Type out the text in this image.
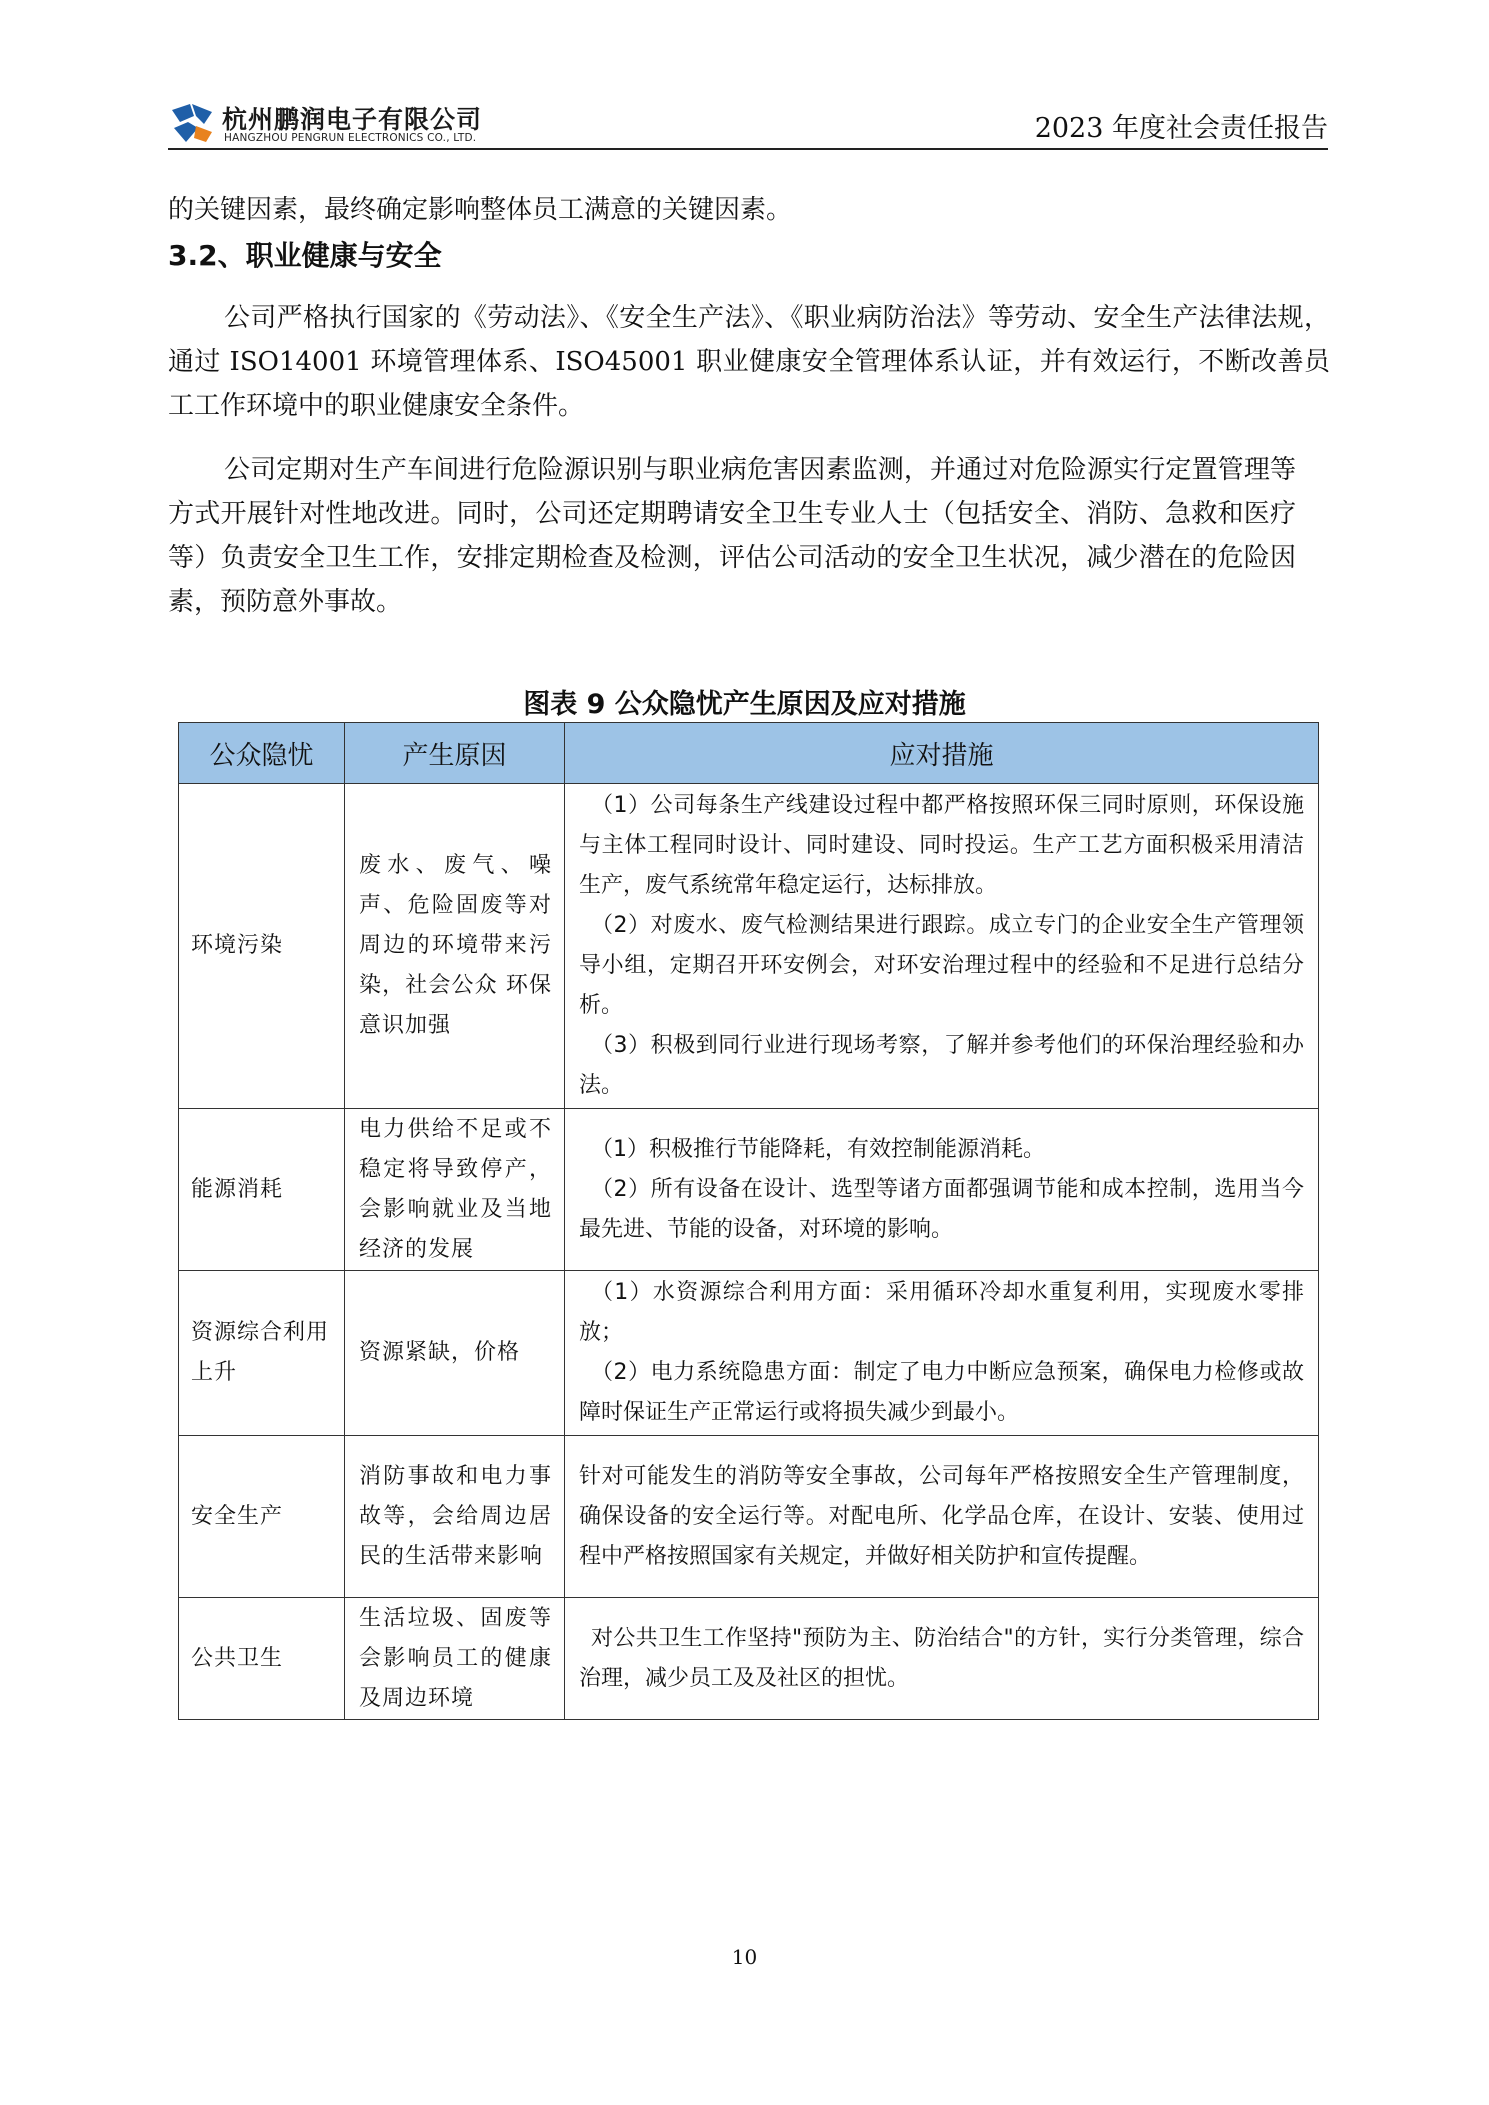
杭州鹏润电子有限公司
HANGZHOU PENGRUN ELECTRONICS CO., LTD.	2023 年度社会责任报告

的关键因素，最终确定影响整体员工满意的关键因素。

3.2、职业健康与安全

公司严格执行国家的《劳动法》、《安全生产法》、《职业病防治法》等劳动、安全生产法律法规，通过 ISO14001 环境管理体系、ISO45001 职业健康安全管理体系认证，并有效运行，不断改善员工工作环境中的职业健康安全条件。

公司定期对生产车间进行危险源识别与职业病危害因素监测，并通过对危险源实行定置管理等方式开展针对性地改进。同时，公司还定期聘请安全卫生专业人士（包括安全、消防、急救和医疗等）负责安全卫生工作，安排定期检查及检测，评估公司活动的安全卫生状况，减少潜在的危险因素，预防意外事故。

图表 9 公众隐忧产生原因及应对措施
公众隐忧	产生原因	应对措施
环境污染	废水、废气、噪声、危险固废等对周边的环境带来污染，社会公众 环保意识加强	（1）公司每条生产线建设过程中都严格按照环保三同时原则，环保设施与主体工程同时设计、同时建设、同时投运。生产工艺方面积极采用清洁生产，废气系统常年稳定运行，达标排放。
（2）对废水、废气检测结果进行跟踪。成立专门的企业安全生产管理领导小组，定期召开环安例会，对环安治理过程中的经验和不足进行总结分析。
（3）积极到同行业进行现场考察，了解并参考他们的环保治理经验和办法。

能源消耗	电力供给不足或不稳定将导致停产，会影响就业及当地经济的发展	（1）积极推行节能降耗，有效控制能源消耗。
（2）所有设备在设计、选型等诸方面都强调节能和成本控制，选用当今最先进、节能的设备，对环境的影响。

资源综合利用上升	资源紧缺，价格	（1）水资源综合利用方面：采用循环冷却水重复利用，实现废水零排放；
（2）电力系统隐患方面：制定了电力中断应急预案，确保电力检修或故障时保证生产正常运行或将损失减少到最小。

安全生产	消防事故和电力事故等，会给周边居民的生活带来影响	针对可能发生的消防等安全事故，公司每年严格按照安全生产管理制度，确保设备的安全运行等。对配电所、化学品仓库，在设计、安装、使用过程中严格按照国家有关规定，并做好相关防护和宣传提醒。

公共卫生	生活垃圾、固废等会影响员工的健康及周边环境	对公共卫生工作坚持"预防为主、防治结合"的方针，实行分类管理，综合治理，减少员工及及社区的担忧。
10
